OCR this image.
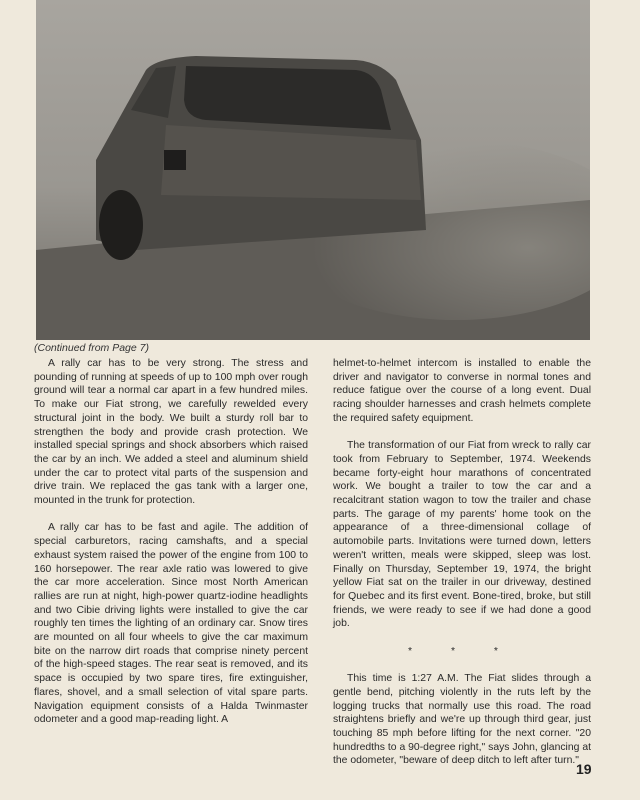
(Continued from Page 7)

A rally car has to be very strong. The stress and pounding of running at speeds of up to 100 mph over rough ground will tear a normal car apart in a few hundred miles. To make our Fiat strong, we carefully rewelded every structural joint in the body. We built a sturdy roll bar to strengthen the body and provide crash protection. We installed special springs and shock absorbers which raised the car by an inch. We added a steel and aluminum shield under the car to protect vital parts of the suspension and drive train. We replaced the gas tank with a larger one, mounted in the trunk for protection.

A rally car has to be fast and agile. The addition of special carburetors, racing camshafts, and a special exhaust system raised the power of the engine from 100 to 160 horsepower. The rear axle ratio was lowered to give the car more acceleration. Since most North American rallies are run at night, high-power quartz-iodine headlights and two Cibie driving lights were installed to give the car roughly ten times the lighting of an ordinary car. Snow tires are mounted on all four wheels to give the car maximum bite on the narrow dirt roads that comprise ninety percent of the high-speed stages. The rear seat is removed, and its space is occupied by two spare tires, fire extinguisher, flares, shovel, and a small selection of vital spare parts. Navigation equipment consists of a Halda Twinmaster odometer and a good map-reading light. A

helmet-to-helmet intercom is installed to enable the driver and navigator to converse in normal tones and reduce fatigue over the course of a long event. Dual racing shoulder harnesses and crash helmets complete the required safety equipment.

The transformation of our Fiat from wreck to rally car took from February to September, 1974. Weekends became forty-eight hour marathons of concentrated work. We bought a trailer to tow the car and a recalcitrant station wagon to tow the trailer and chase parts. The garage of my parents' home took on the appearance of a three-dimensional collage of automobile parts. Invitations were turned down, letters weren't written, meals were skipped, sleep was lost. Finally on Thursday, September 19, 1974, the bright yellow Fiat sat on the trailer in our driveway, destined for Quebec and its first event. Bone-tired, broke, but still friends, we were ready to see if we had done a good job.

* * *

This time is 1:27 A.M. The Fiat slides through a gentle bend, pitching violently in the ruts left by the logging trucks that normally use this road. The road straightens briefly and we're up through third gear, just touching 85 mph before lifting for the next corner. "20 hundredths to a 90-degree right," says John, glancing at the odometer, "beware of deep ditch to left after turn."

19
